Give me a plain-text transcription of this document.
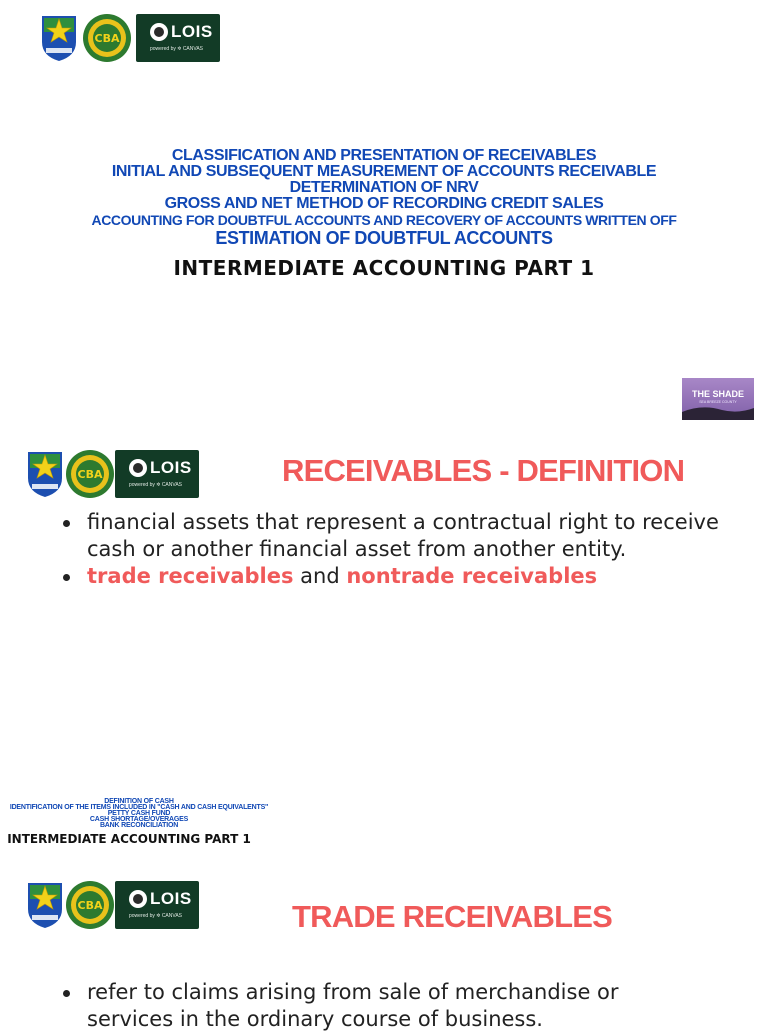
CBA	LOIS
powered by ✲ CANVAS
CLASSIFICATION AND PRESENTATION OF RECEIVABLES
INITIAL AND SUBSEQUENT MEASUREMENT OF ACCOUNTS RECEIVABLE
DETERMINATION OF NRV
GROSS AND NET METHOD OF RECORDING CREDIT SALES
ACCOUNTING FOR DOUBTFUL ACCOUNTS AND RECOVERY OF ACCOUNTS WRITTEN OFF
ESTIMATION OF DOUBTFUL ACCOUNTS
INTERMEDIATE ACCOUNTING PART 1
THE SHADE
SEA BREEZE COUNTY
CBA	LOIS
powered by ✲ CANVAS	RECEIVABLES - DEFINITION
financial assets that represent a contractual right to receive cash or another financial asset from another entity.
trade receivables and nontrade receivables
DEFINITION OF CASH
IDENTIFICATION OF THE ITEMS INCLUDED IN "CASH AND CASH EQUIVALENTS"
PETTY CASH FUND
CASH SHORTAGE/OVERAGES
BANK RECONCILIATION
INTERMEDIATE ACCOUNTING PART 1
CBA	LOIS
powered by ✲ CANVAS	TRADE RECEIVABLES
refer to claims arising from sale of merchandise or services in the ordinary course of business.
